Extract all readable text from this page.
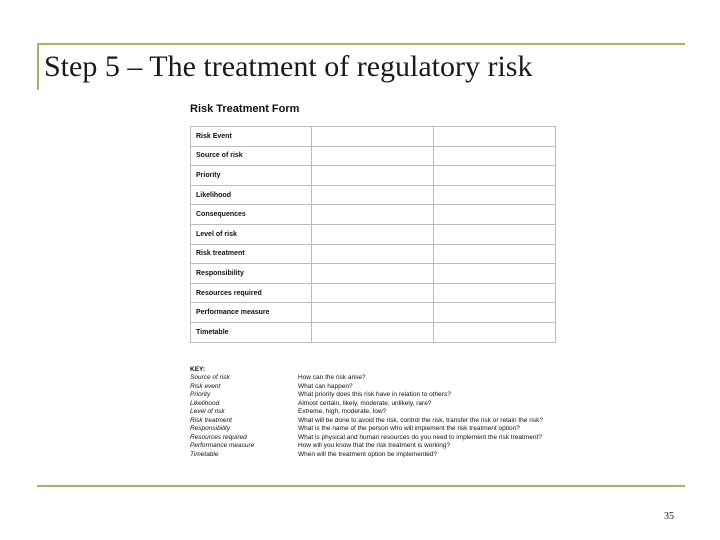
Step 5 – The treatment of regulatory risk
Risk Treatment Form
Risk Event		
Source of risk		
Priority		
Likelihood		
Consequences		
Level of risk		
Risk treatment		
Responsibility		
Resources required		
Performance measure		
Timetable		
KEY:
Source of risk	How can the risk arise?
Risk event	What can happen?
Priority	What priority does this risk have in relation to others?
Likelihood	Almost certain, likely, moderate, unlikely, rare?
Level of risk	Extreme, high, moderate, low?
Risk treatment	What will be done to avoid the risk, control the risk, transfer the risk or retain the risk?
Responsibility	What is the name of the person who will implement the risk treatment option?
Resources required	What is physical and human resources do you need to implement the risk treatment?
Performance measure	How will you know that the risk treatment is working?
Timetable	When will the treatment option be implemented?
35
